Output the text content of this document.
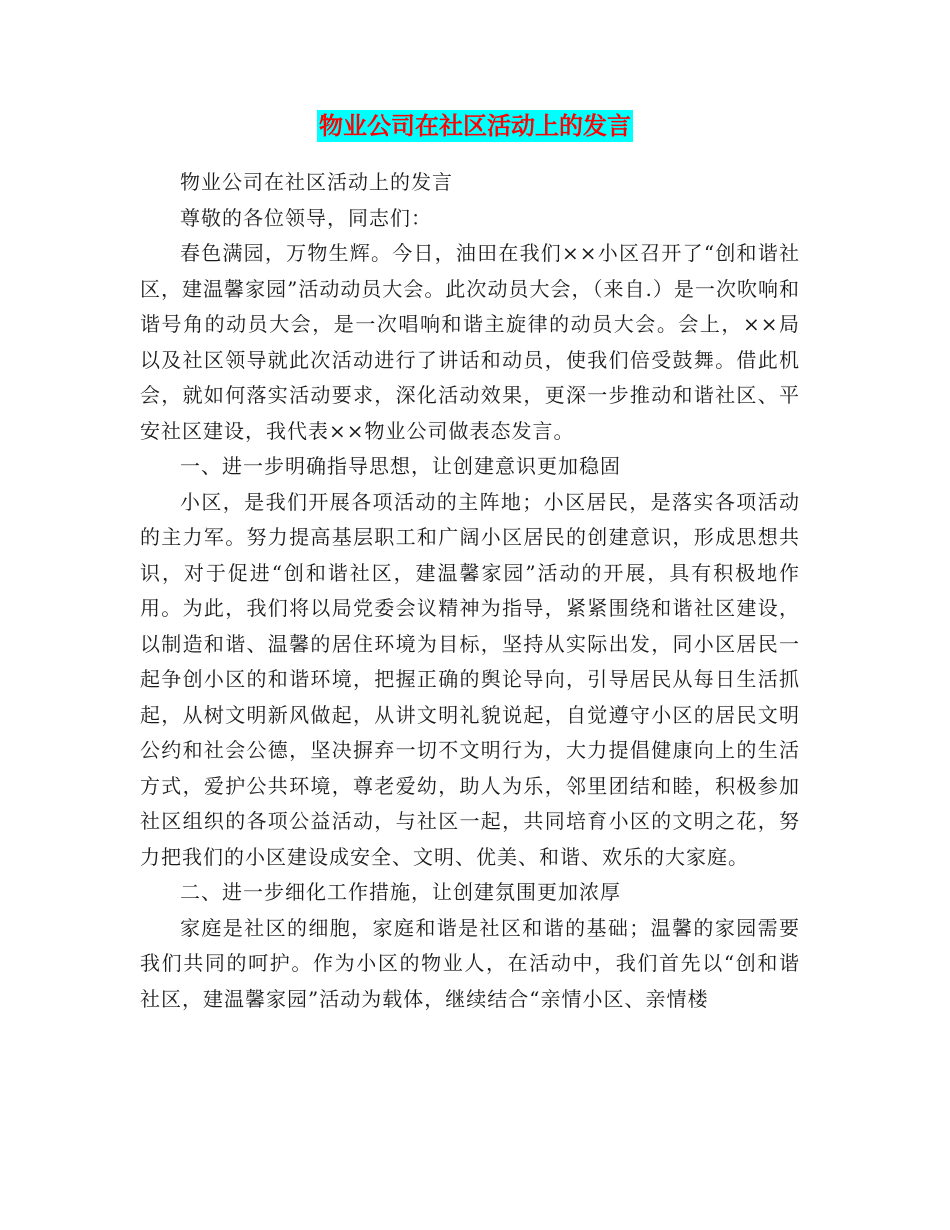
物业公司在社区活动上的发言

物业公司在社区活动上的发言

尊敬的各位领导，同志们：

春色满园，万物生辉。今日，油田在我们××小区召开了“创和谐社区，建温馨家园”活动动员大会。此次动员大会，（来自.）是一次吹响和谐号角的动员大会，是一次唱响和谐主旋律的动员大会。会上，××局以及社区领导就此次活动进行了讲话和动员，使我们倍受鼓舞。借此机会，就如何落实活动要求，深化活动效果，更深一步推动和谐社区、平安社区建设，我代表××物业公司做表态发言。

一、进一步明确指导思想，让创建意识更加稳固

小区，是我们开展各项活动的主阵地；小区居民，是落实各项活动的主力军。努力提高基层职工和广阔小区居民的创建意识，形成思想共识，对于促进“创和谐社区，建温馨家园”活动的开展，具有积极地作用。为此，我们将以局党委会议精神为指导，紧紧围绕和谐社区建设，以制造和谐、温馨的居住环境为目标，坚持从实际出发，同小区居民一起争创小区的和谐环境，把握正确的舆论导向，引导居民从每日生活抓起，从树文明新风做起，从讲文明礼貌说起，自觉遵守小区的居民文明公约和社会公德，坚决摒弃一切不文明行为，大力提倡健康向上的生活方式，爱护公共环境，尊老爱幼，助人为乐，邻里团结和睦，积极参加社区组织的各项公益活动，与社区一起，共同培育小区的文明之花，努力把我们的小区建设成安全、文明、优美、和谐、欢乐的大家庭。

二、进一步细化工作措施，让创建氛围更加浓厚

家庭是社区的细胞，家庭和谐是社区和谐的基础；温馨的家园需要我们共同的呵护。作为小区的物业人，在活动中，我们首先以“创和谐社区，建温馨家园”活动为载体，继续结合“亲情小区、亲情楼
